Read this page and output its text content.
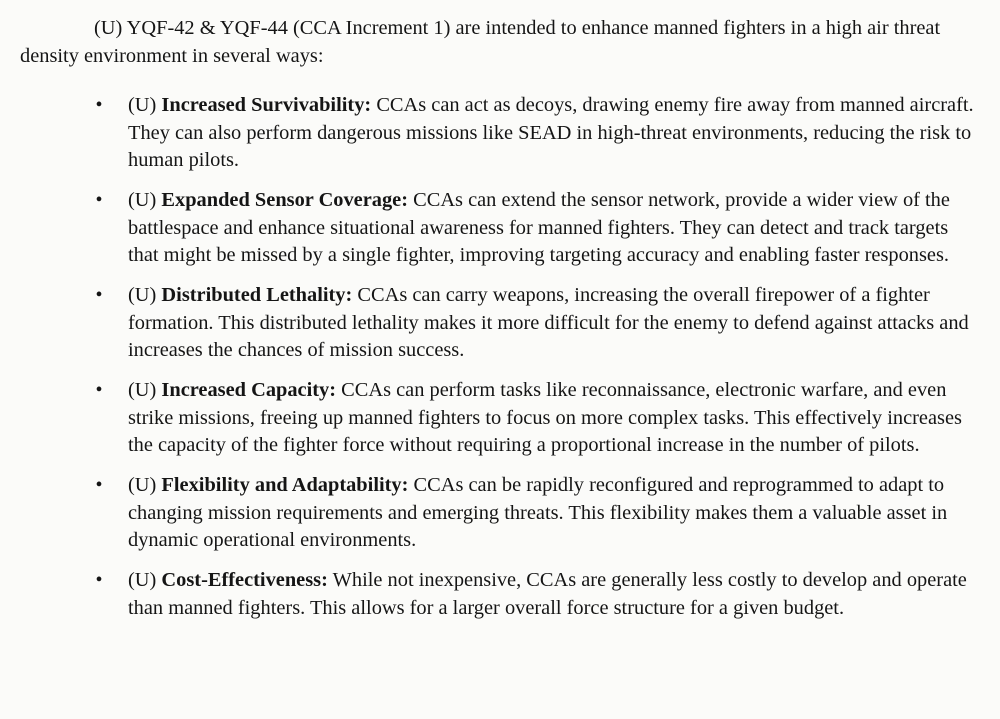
(U) YQF-42 & YQF-44 (CCA Increment 1) are intended to enhance manned fighters in a high air threat density environment in several ways:

• (U) Increased Survivability: CCAs can act as decoys, drawing enemy fire away from manned aircraft. They can also perform dangerous missions like SEAD in high-threat environments, reducing the risk to human pilots.
• (U) Expanded Sensor Coverage: CCAs can extend the sensor network, provide a wider view of the battlespace and enhance situational awareness for manned fighters. They can detect and track targets that might be missed by a single fighter, improving targeting accuracy and enabling faster responses.
• (U) Distributed Lethality: CCAs can carry weapons, increasing the overall firepower of a fighter formation. This distributed lethality makes it more difficult for the enemy to defend against attacks and increases the chances of mission success.
• (U) Increased Capacity: CCAs can perform tasks like reconnaissance, electronic warfare, and even strike missions, freeing up manned fighters to focus on more complex tasks. This effectively increases the capacity of the fighter force without requiring a proportional increase in the number of pilots.
• (U) Flexibility and Adaptability: CCAs can be rapidly reconfigured and reprogrammed to adapt to changing mission requirements and emerging threats. This flexibility makes them a valuable asset in dynamic operational environments.
• (U) Cost-Effectiveness: While not inexpensive, CCAs are generally less costly to develop and operate than manned fighters. This allows for a larger overall force structure for a given budget.
